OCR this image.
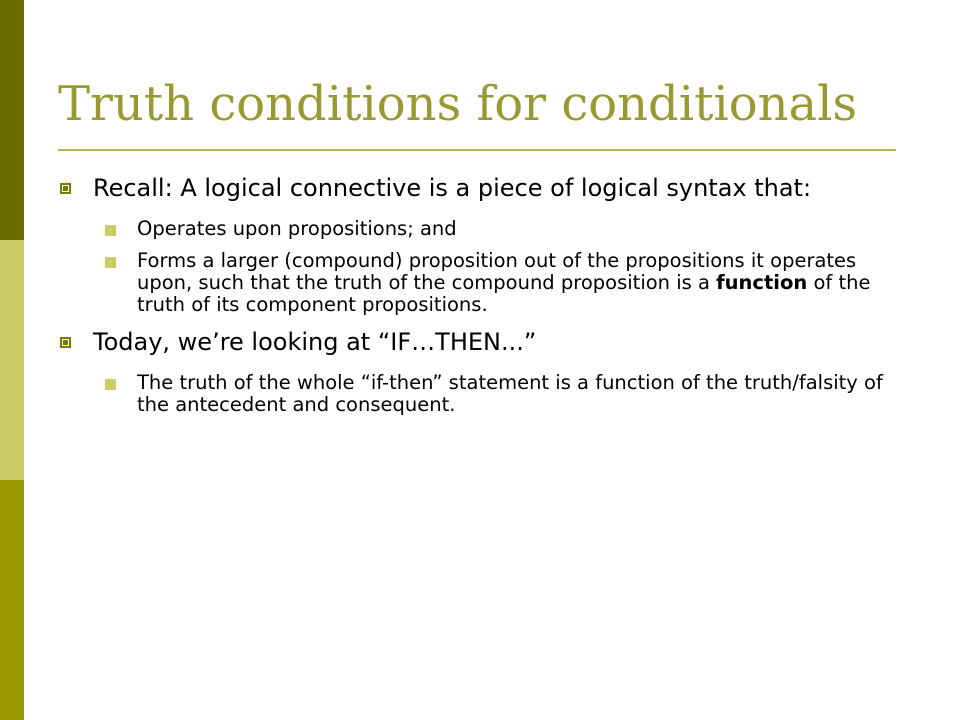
Truth conditions for conditionals
Recall: A logical connective is a piece of logical syntax that:
Operates upon propositions; and
Forms a larger (compound) proposition out of the propositions it operates upon, such that the truth of the compound proposition is a function of the truth of its component propositions.
Today, we’re looking at “IF…THEN...”
The truth of the whole “if-then” statement is a function of the truth/falsity of the antecedent and consequent.
